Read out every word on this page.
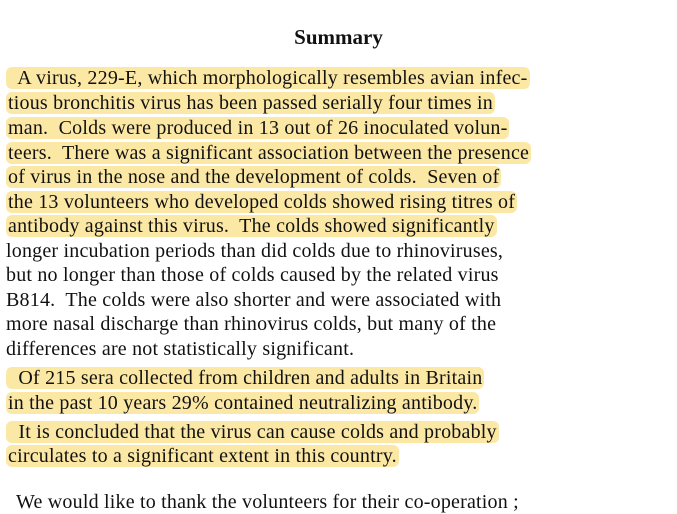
Summary
A virus, 229-E, which morphologically resembles avian infec-
tious bronchitis virus has been passed serially four times in
man.  Colds were produced in 13 out of 26 inoculated volun-
teers.  There was a significant association between the presence
of virus in the nose and the development of colds.  Seven of
the 13 volunteers who developed colds showed rising titres of
antibody against this virus.  The colds showed significantly
longer incubation periods than did colds due to rhinoviruses,
but no longer than those of colds caused by the related virus
B814.  The colds were also shorter and were associated with
more nasal discharge than rhinovirus colds, but many of the
differences are not statistically significant.
Of 215 sera collected from children and adults in Britain
in the past 10 years 29% contained neutralizing antibody.
It is concluded that the virus can cause colds and probably
circulates to a significant extent in this country.
We would like to thank the volunteers for their co-operation ;
